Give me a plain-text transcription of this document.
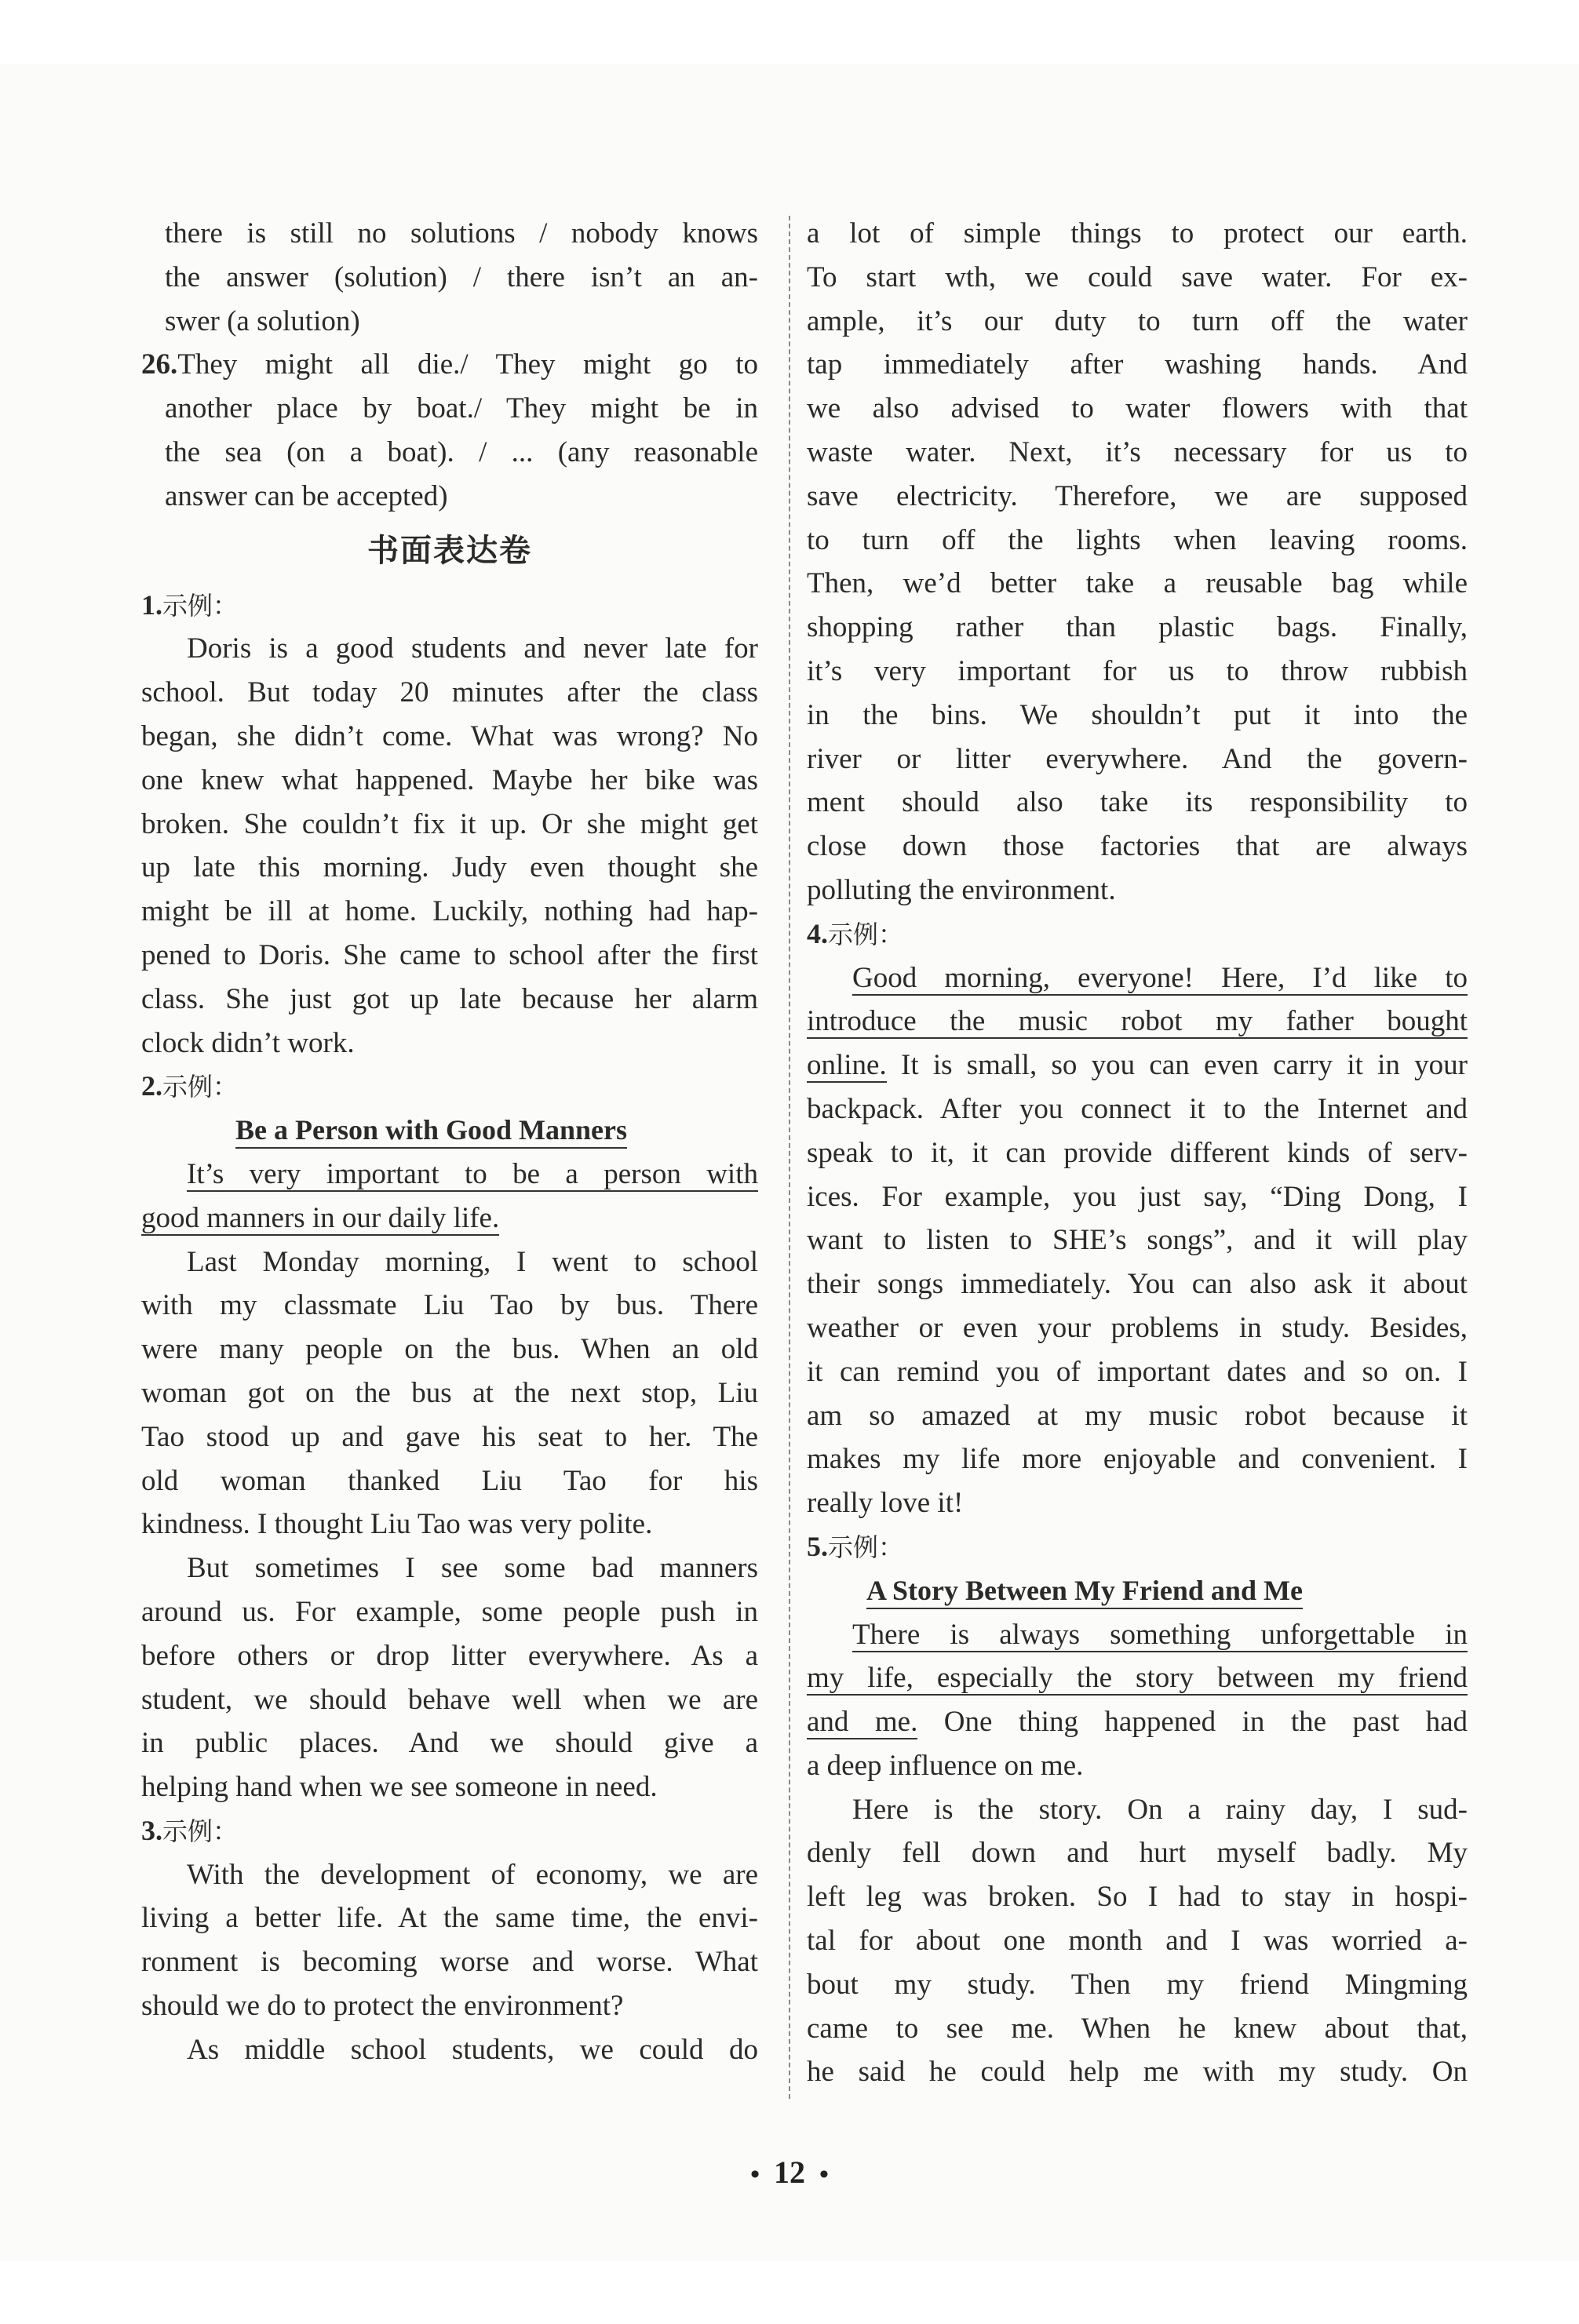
there is still no solutions / nobody knows
the answer (solution) / there isn’t an an-
swer (a solution)
26.They might all die./ They might go to
another place by boat./ They might be in
the sea (on a boat). / ... (any reasonable
answer can be accepted)
书面表达卷
1.示例：
Doris is a good students and never late for
school. But today 20 minutes after the class
began, she didn’t come. What was wrong? No
one knew what happened. Maybe her bike was
broken. She couldn’t fix it up. Or she might get
up late this morning. Judy even thought she
might be ill at home. Luckily, nothing had hap-
pened to Doris. She came to school after the first
class. She just got up late because her alarm
clock didn’t work.
2.示例：
Be a Person with Good Manners
It’s very important to be a person with
good manners in our daily life.
Last Monday morning, I went to school
with my classmate Liu Tao by bus. There
were many people on the bus. When an old
woman got on the bus at the next stop, Liu
Tao stood up and gave his seat to her. The
old woman thanked Liu Tao for his
kindness. I thought Liu Tao was very polite.
But sometimes I see some bad manners
around us. For example, some people push in
before others or drop litter everywhere. As a
student, we should behave well when we are
in public places. And we should give a
helping hand when we see someone in need.
3.示例：
With the development of economy, we are
living a better life. At the same time, the envi-
ronment is becoming worse and worse. What
should we do to protect the environment?
As middle school students, we could do
a lot of simple things to protect our earth.
To start wth, we could save water. For ex-
ample, it’s our duty to turn off the water
tap immediately after washing hands. And
we also advised to water flowers with that
waste water. Next, it’s necessary for us to
save electricity. Therefore, we are supposed
to turn off the lights when leaving rooms.
Then, we’d better take a reusable bag while
shopping rather than plastic bags. Finally,
it’s very important for us to throw rubbish
in the bins. We shouldn’t put it into the
river or litter everywhere. And the govern-
ment should also take its responsibility to
close down those factories that are always
polluting the environment.
4.示例：
Good morning, everyone! Here, I’d like to
introduce the music robot my father bought
online. It is small, so you can even carry it in your
backpack. After you connect it to the Internet and
speak to it, it can provide different kinds of serv-
ices. For example, you just say, “Ding Dong, I
want to listen to SHE’s songs”, and it will play
their songs immediately. You can also ask it about
weather or even your problems in study. Besides,
it can remind you of important dates and so on. I
am so amazed at my music robot because it
makes my life more enjoyable and convenient. I
really love it!
5.示例：
A Story Between My Friend and Me
There is always something unforgettable in
my life, especially the story between my friend
and me. One thing happened in the past had
a deep influence on me.
Here is the story. On a rainy day, I sud-
denly fell down and hurt myself badly. My
left leg was broken. So I had to stay in hospi-
tal for about one month and I was worried a-
bout my study. Then my friend Mingming
came to see me. When he knew about that,
he said he could help me with my study. On
• 12 •
